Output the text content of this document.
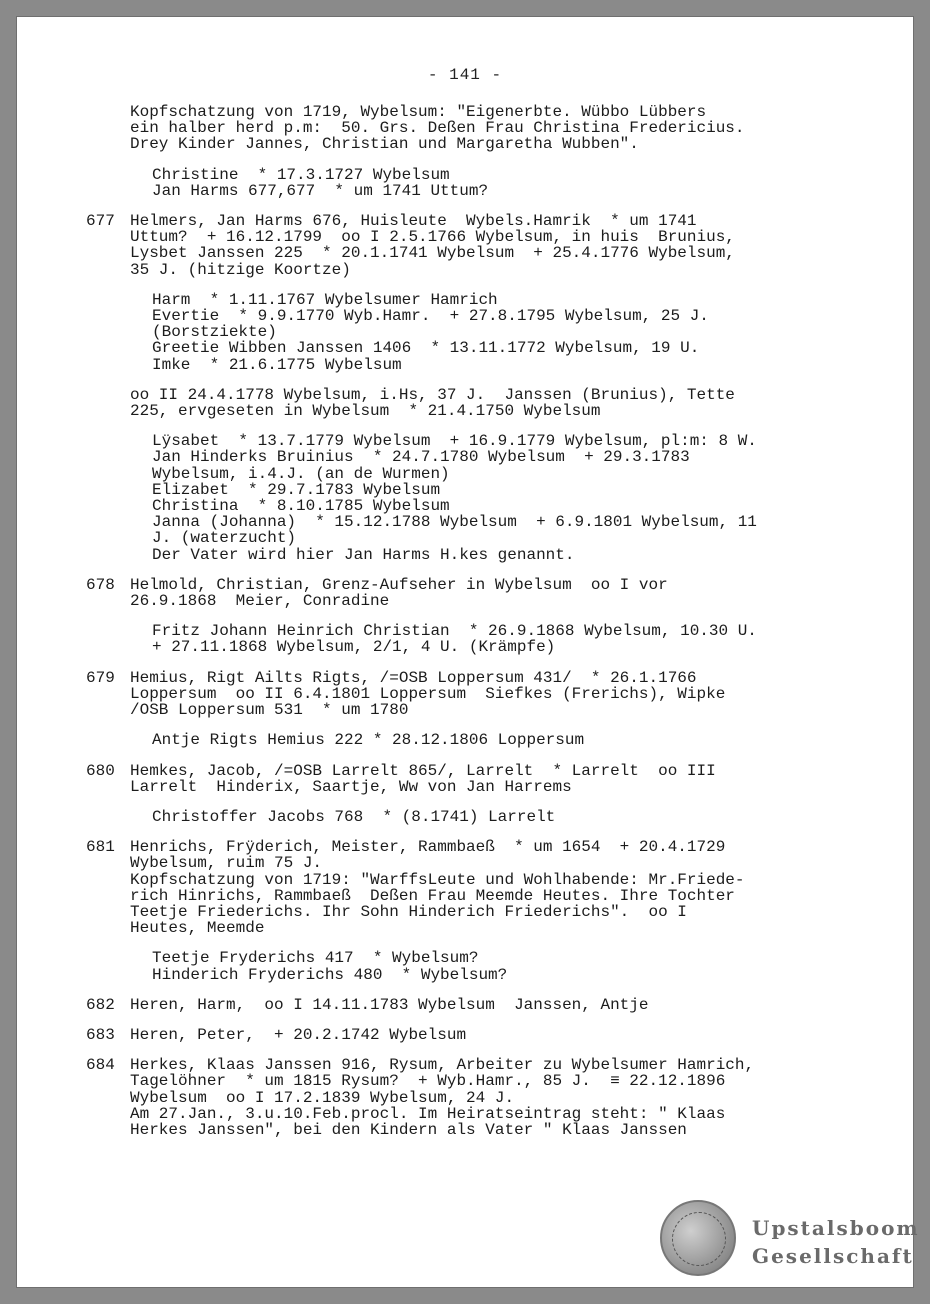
- 141 -
Kopfschatzung von 1719, Wybelsum: "Eigenerbte. Wübbo Lübbers
ein halber herd p.m:  50. Grs. Deßen Frau Christina Fredericius.
Drey Kinder Jannes, Christian und Margaretha Wubben".
Christine  * 17.3.1727 Wybelsum
Jan Harms 677,677  * um 1741 Uttum?
677 Helmers, Jan Harms 676, Huisleute  Wybels.Hamrik  * um 1741
Uttum?  + 16.12.1799  oo I 2.5.1766 Wybelsum, in huis  Brunius,
Lysbet Janssen 225  * 20.1.1741 Wybelsum  + 25.4.1776 Wybelsum,
35 J. (hitzige Koortze)
Harm  * 1.11.1767 Wybelsumer Hamrich
Evertie  * 9.9.1770 Wyb.Hamr.  + 27.8.1795 Wybelsum, 25 J.
(Borstziekte)
Greetie Wibben Janssen 1406  * 13.11.1772 Wybelsum, 19 U.
Imke  * 21.6.1775 Wybelsum
oo II 24.4.1778 Wybelsum, i.Hs, 37 J.  Janssen (Brunius), Tette
225, ervgeseten in Wybelsum  * 21.4.1750 Wybelsum
Lÿsabet  * 13.7.1779 Wybelsum  + 16.9.1779 Wybelsum, pl:m: 8 W.
Jan Hinderks Bruinius  * 24.7.1780 Wybelsum  + 29.3.1783
Wybelsum, i.4.J. (an de Wurmen)
Elizabet  * 29.7.1783 Wybelsum
Christina  * 8.10.1785 Wybelsum
Janna (Johanna)  * 15.12.1788 Wybelsum  + 6.9.1801 Wybelsum, 11
J. (waterzucht)
Der Vater wird hier Jan Harms H.kes genannt.
678 Helmold, Christian, Grenz-Aufseher in Wybelsum  oo I vor
26.9.1868  Meier, Conradine
Fritz Johann Heinrich Christian  * 26.9.1868 Wybelsum, 10.30 U.
+ 27.11.1868 Wybelsum, 2/1, 4 U. (Krämpfe)
679 Hemius, Rigt Ailts Rigts, /=OSB Loppersum 431/  * 26.1.1766
Loppersum  oo II 6.4.1801 Loppersum  Siefkes (Frerichs), Wipke
/OSB Loppersum 531  * um 1780
Antje Rigts Hemius 222 * 28.12.1806 Loppersum
680 Hemkes, Jacob, /=OSB Larrelt 865/, Larrelt  * Larrelt  oo III
Larrelt  Hinderix, Saartje, Ww von Jan Harrems
Christoffer Jacobs 768  * (8.1741) Larrelt
681 Henrichs, Frÿderich, Meister, Rammbaeß  * um 1654  + 20.4.1729
Wybelsum, ruim 75 J.
Kopfschatzung von 1719: "WarffsLeute und Wohlhabende: Mr.Friede-
rich Hinrichs, Rammbaeß  Deßen Frau Meemde Heutes. Ihre Tochter
Teetje Friederichs. Ihr Sohn Hinderich Friederichs".  oo I
Heutes, Meemde
Teetje Fryderichs 417  * Wybelsum?
Hinderich Fryderichs 480  * Wybelsum?
682 Heren, Harm,  oo I 14.11.1783 Wybelsum  Janssen, Antje
683 Heren, Peter,  + 20.2.1742 Wybelsum
684 Herkes, Klaas Janssen 916, Rysum, Arbeiter zu Wybelsumer Hamrich,
Tagelöhner  * um 1815 Rysum?  + Wyb.Hamr., 85 J.  ≡ 22.12.1896
Wybelsum  oo I 17.2.1839 Wybelsum, 24 J.
Am 27.Jan., 3.u.10.Feb.procl. Im Heiratseintrag steht: " Klaas
Herkes Janssen", bei den Kindern als Vater " Klaas Janssen
Upstalsboom
Gesellschaft
